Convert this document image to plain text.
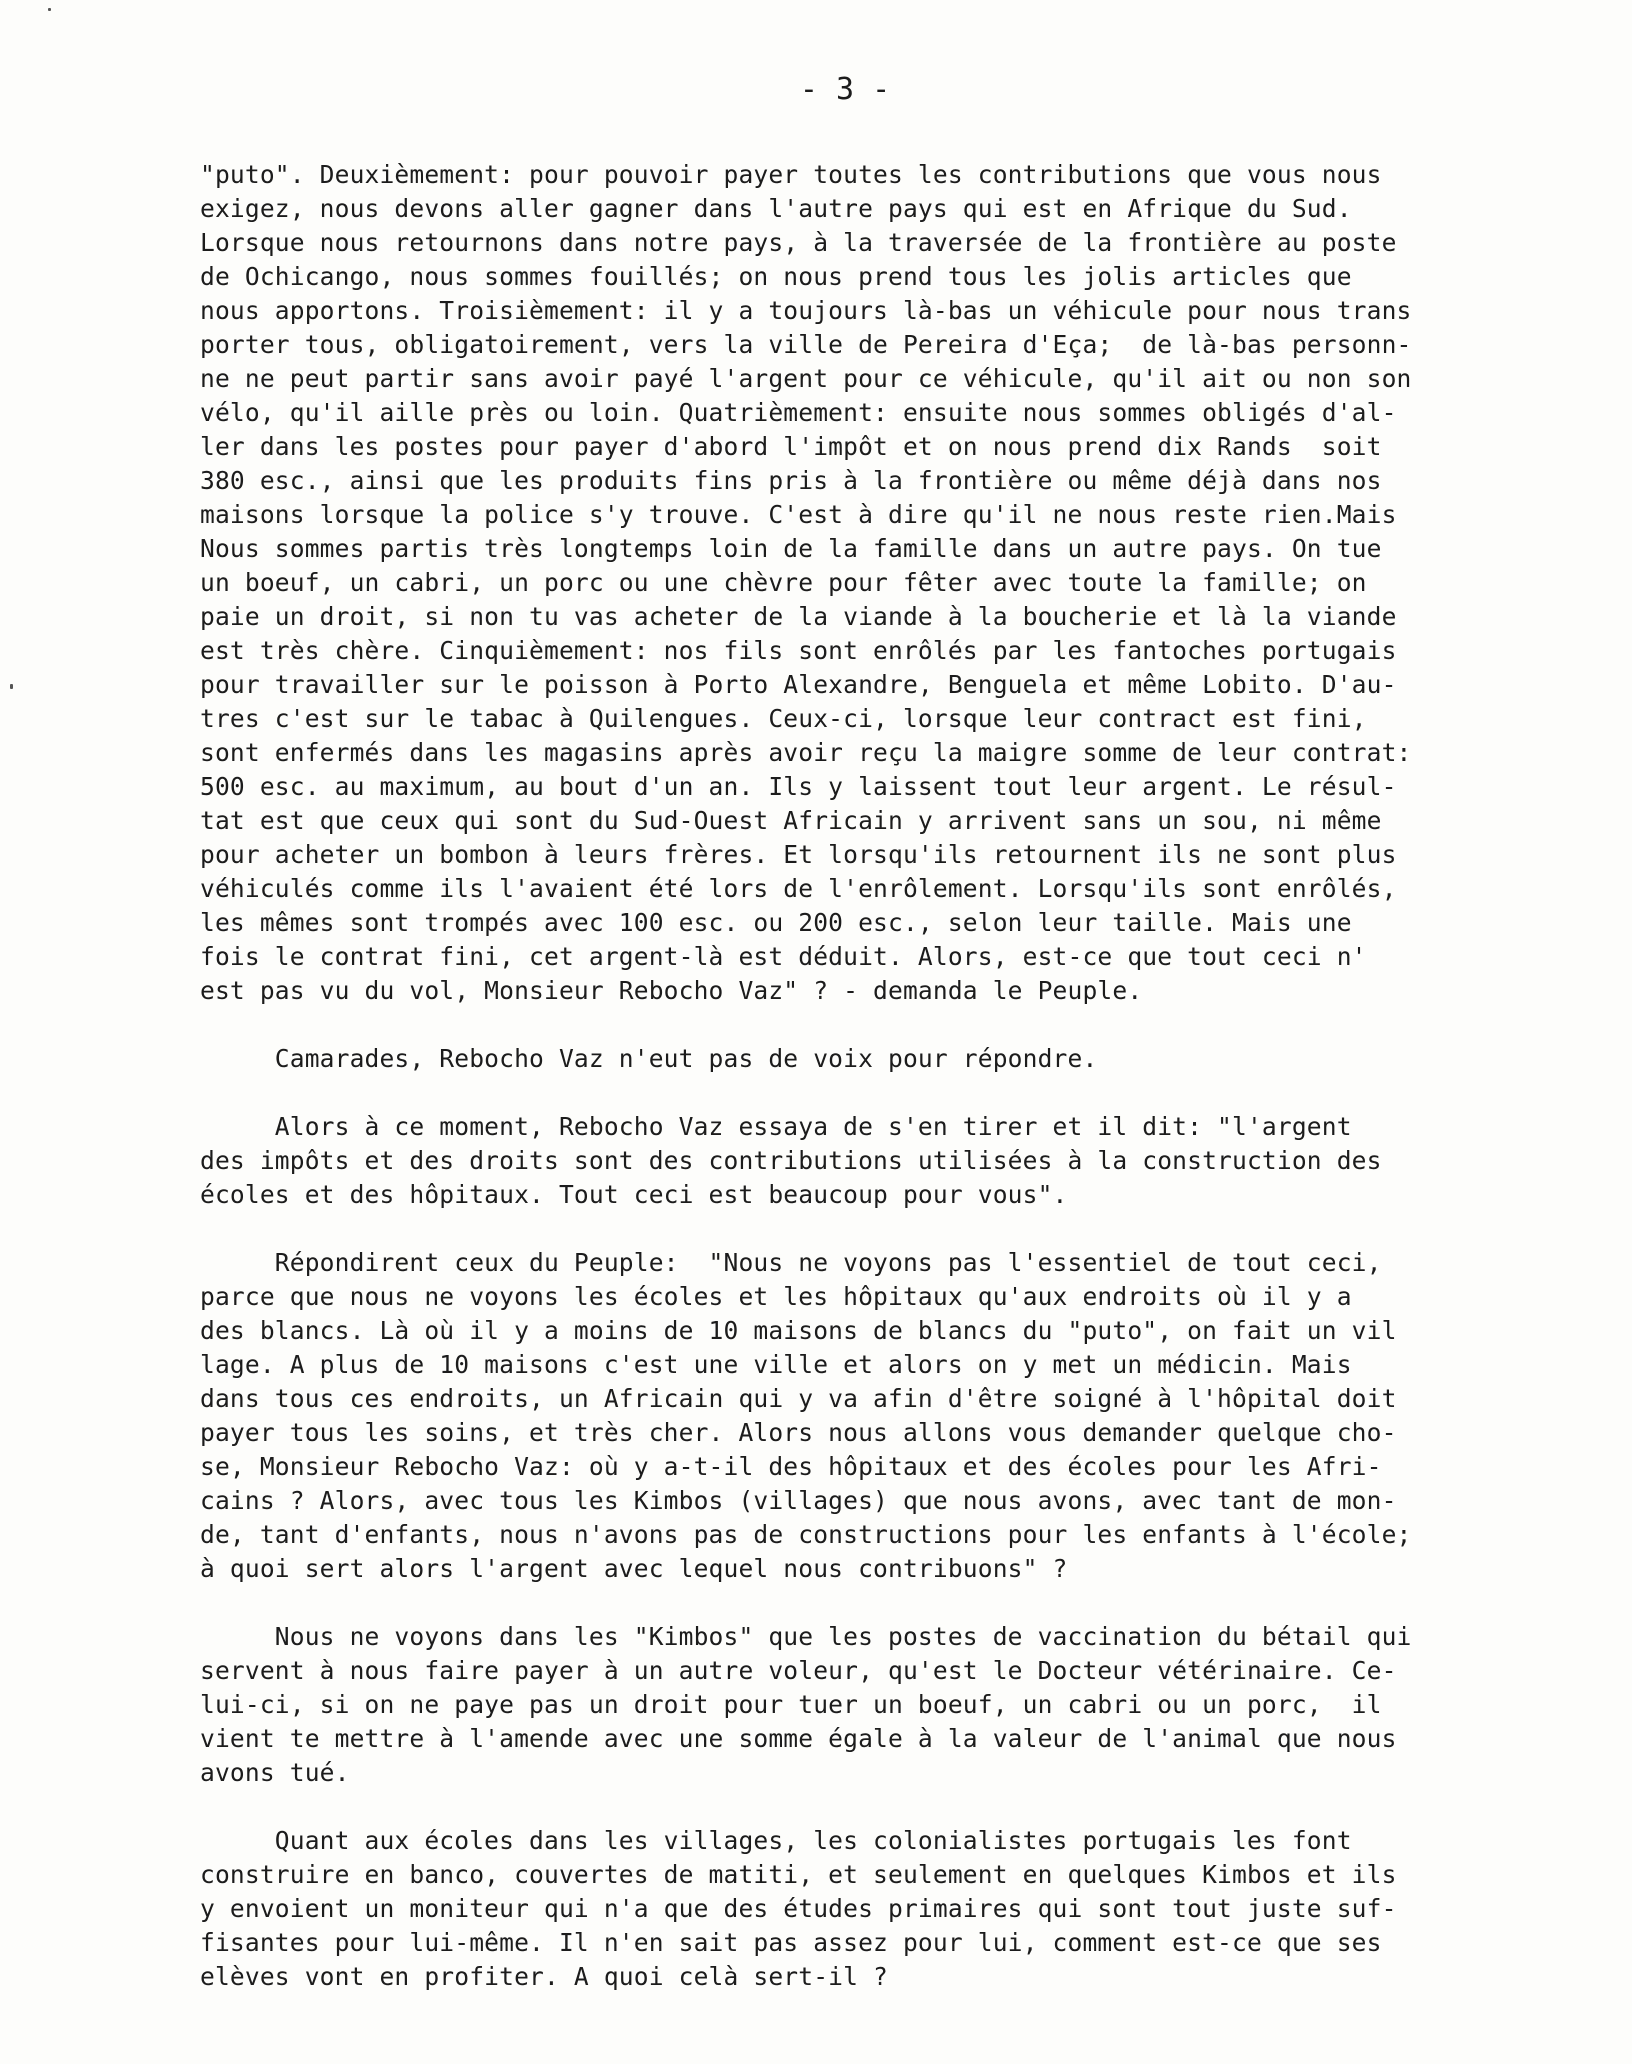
- 3 -
"puto". Deuxièmement: pour pouvoir payer toutes les contributions que vous nous
exigez, nous devons aller gagner dans l'autre pays qui est en Afrique du Sud.
Lorsque nous retournons dans notre pays, à la traversée de la frontière au poste
de Ochicango, nous sommes fouillés; on nous prend tous les jolis articles que
nous apportons. Troisièmement: il y a toujours là-bas un véhicule pour nous trans
porter tous, obligatoirement, vers la ville de Pereira d'Eça;  de là-bas personn-
ne ne peut partir sans avoir payé l'argent pour ce véhicule, qu'il ait ou non son
vélo, qu'il aille près ou loin. Quatrièmement: ensuite nous sommes obligés d'al-
ler dans les postes pour payer d'abord l'impôt et on nous prend dix Rands  soit
380 esc., ainsi que les produits fins pris à la frontière ou même déjà dans nos
maisons lorsque la police s'y trouve. C'est à dire qu'il ne nous reste rien.Mais
Nous sommes partis très longtemps loin de la famille dans un autre pays. On tue
un boeuf, un cabri, un porc ou une chèvre pour fêter avec toute la famille; on
paie un droit, si non tu vas acheter de la viande à la boucherie et là la viande
est très chère. Cinquièmement: nos fils sont enrôlés par les fantoches portugais
pour travailler sur le poisson à Porto Alexandre, Benguela et même Lobito. D'au-
tres c'est sur le tabac à Quilengues. Ceux-ci, lorsque leur contract est fini,
sont enfermés dans les magasins après avoir reçu la maigre somme de leur contrat:
500 esc. au maximum, au bout d'un an. Ils y laissent tout leur argent. Le résul-
tat est que ceux qui sont du Sud-Ouest Africain y arrivent sans un sou, ni même
pour acheter un bombon à leurs frères. Et lorsqu'ils retournent ils ne sont plus
véhiculés comme ils l'avaient été lors de l'enrôlement. Lorsqu'ils sont enrôlés,
les mêmes sont trompés avec 100 esc. ou 200 esc., selon leur taille. Mais une
fois le contrat fini, cet argent-là est déduit. Alors, est-ce que tout ceci n'
est pas vu du vol, Monsieur Rebocho Vaz" ? - demanda le Peuple.
Camarades, Rebocho Vaz n'eut pas de voix pour répondre.
Alors à ce moment, Rebocho Vaz essaya de s'en tirer et il dit: "l'argent
des impôts et des droits sont des contributions utilisées à la construction des
écoles et des hôpitaux. Tout ceci est beaucoup pour vous".
Répondirent ceux du Peuple:  "Nous ne voyons pas l'essentiel de tout ceci,
parce que nous ne voyons les écoles et les hôpitaux qu'aux endroits où il y a
des blancs. Là où il y a moins de 10 maisons de blancs du "puto", on fait un vil
lage. A plus de 10 maisons c'est une ville et alors on y met un médicin. Mais
dans tous ces endroits, un Africain qui y va afin d'être soigné à l'hôpital doit
payer tous les soins, et très cher. Alors nous allons vous demander quelque cho-
se, Monsieur Rebocho Vaz: où y a-t-il des hôpitaux et des écoles pour les Afri-
cains ? Alors, avec tous les Kimbos (villages) que nous avons, avec tant de mon-
de, tant d'enfants, nous n'avons pas de constructions pour les enfants à l'école;
à quoi sert alors l'argent avec lequel nous contribuons" ?
Nous ne voyons dans les "Kimbos" que les postes de vaccination du bétail qui
servent à nous faire payer à un autre voleur, qu'est le Docteur vétérinaire. Ce-
lui-ci, si on ne paye pas un droit pour tuer un boeuf, un cabri ou un porc,  il
vient te mettre à l'amende avec une somme égale à la valeur de l'animal que nous
avons tué.
Quant aux écoles dans les villages, les colonialistes portugais les font
construire en banco, couvertes de matiti, et seulement en quelques Kimbos et ils
y envoient un moniteur qui n'a que des études primaires qui sont tout juste suf-
fisantes pour lui-même. Il n'en sait pas assez pour lui, comment est-ce que ses
elèves vont en profiter. A quoi celà sert-il ?
